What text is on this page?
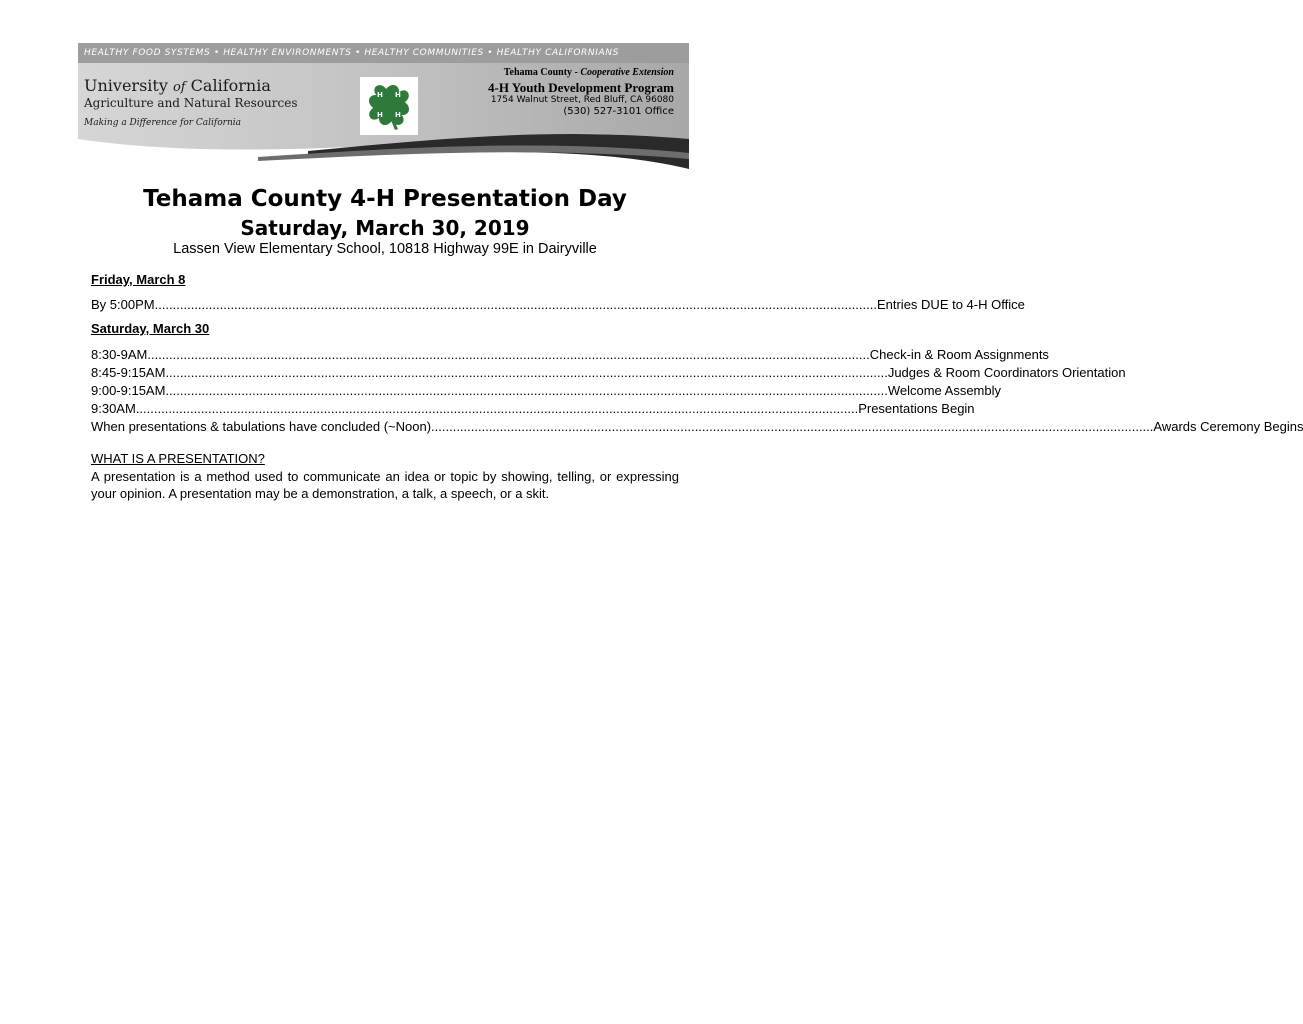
HEALTHY FOOD SYSTEMS • HEALTHY ENVIRONMENTS • HEALTHY COMMUNITIES • HEALTHY CALIFORNIANS
University of California
Agriculture and Natural Resources
Making a Difference for California
H H
H H
Tehama County - Cooperative Extension
4-H Youth Development Program
1754 Walnut Street, Red Bluff, CA 96080
(530) 527-3101 Office
Tehama County 4-H Presentation Day
Saturday, March 30, 2019
Lassen View Elementary School, 10818 Highway 99E in Dairyville
Friday, March 8
By 5:00PM ........................................................................................................................................................................................................ Entries DUE to 4-H Office
Saturday, March 30
8:30-9AM ........................................................................................................................................................................................................ Check-in & Room Assignments
8:45-9:15AM ........................................................................................................................................................................................................ Judges & Room Coordinators Orientation
9:00-9:15AM ........................................................................................................................................................................................................ Welcome Assembly
9:30AM ........................................................................................................................................................................................................ Presentations Begin
When presentations & tabulations have concluded (~Noon) ........................................................................................................................................................................................................ Awards Ceremony Begins
WHAT IS A PRESENTATION?
A presentation is a method used to communicate an idea or topic by showing, telling, or expressing your opinion. A presentation may be a demonstration, a talk, a speech, or a skit.
